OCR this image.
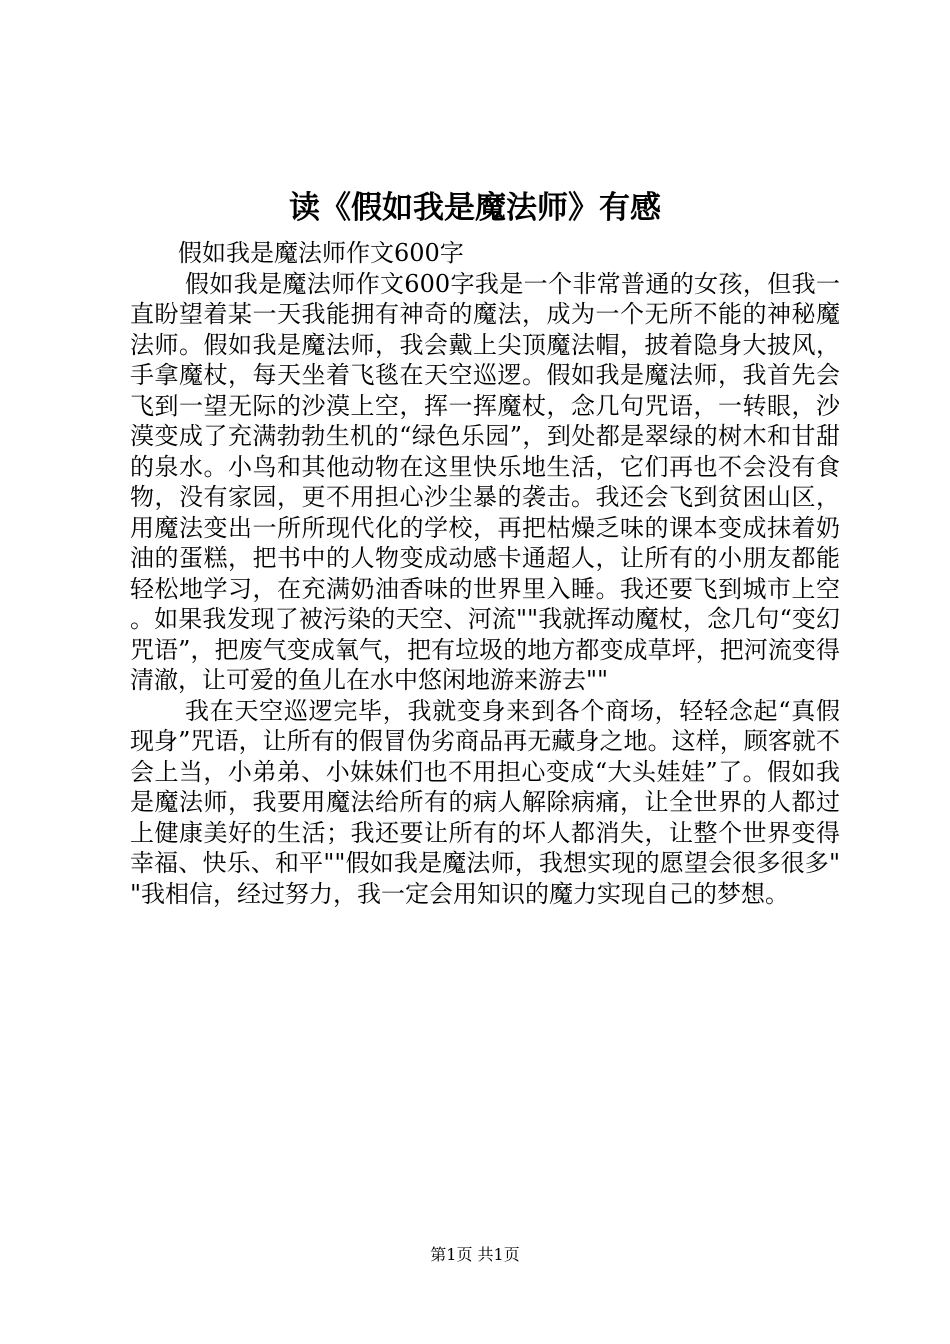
读《假如我是魔法师》有感

假如我是魔法师作文600字

假如我是魔法师作文600字我是一个非常普通的女孩，但我一直盼望着某一天我能拥有神奇的魔法，成为一个无所不能的神秘魔法师。假如我是魔法师，我会戴上尖顶魔法帽，披着隐身大披风，手拿魔杖，每天坐着飞毯在天空巡逻。假如我是魔法师，我首先会飞到一望无际的沙漠上空，挥一挥魔杖，念几句咒语，一转眼，沙漠变成了充满勃勃生机的“绿色乐园”，到处都是翠绿的树木和甘甜的泉水。小鸟和其他动物在这里快乐地生活，它们再也不会没有食物，没有家园，更不用担心沙尘暴的袭击。我还会飞到贫困山区，用魔法变出一所所现代化的学校，再把枯燥乏味的课本变成抹着奶油的蛋糕，把书中的人物变成动感卡通超人，让所有的小朋友都能轻松地学习，在充满奶油香味的世界里入睡。我还要飞到城市上空。如果我发现了被污染的天空、河流""我就挥动魔杖，念几句“变幻咒语”，把废气变成氧气，把有垃圾的地方都变成草坪，把河流变得清澈，让可爱的鱼儿在水中悠闲地游来游去""

我在天空巡逻完毕，我就变身来到各个商场，轻轻念起“真假现身”咒语，让所有的假冒伪劣商品再无藏身之地。这样，顾客就不会上当，小弟弟、小妹妹们也不用担心变成“大头娃娃”了。假如我是魔法师，我要用魔法给所有的病人解除病痛，让全世界的人都过上健康美好的生活；我还要让所有的坏人都消失，让整个世界变得幸福、快乐、和平""假如我是魔法师，我想实现的愿望会很多很多""我相信，经过努力，我一定会用知识的魔力实现自己的梦想。

第1页 共1页
